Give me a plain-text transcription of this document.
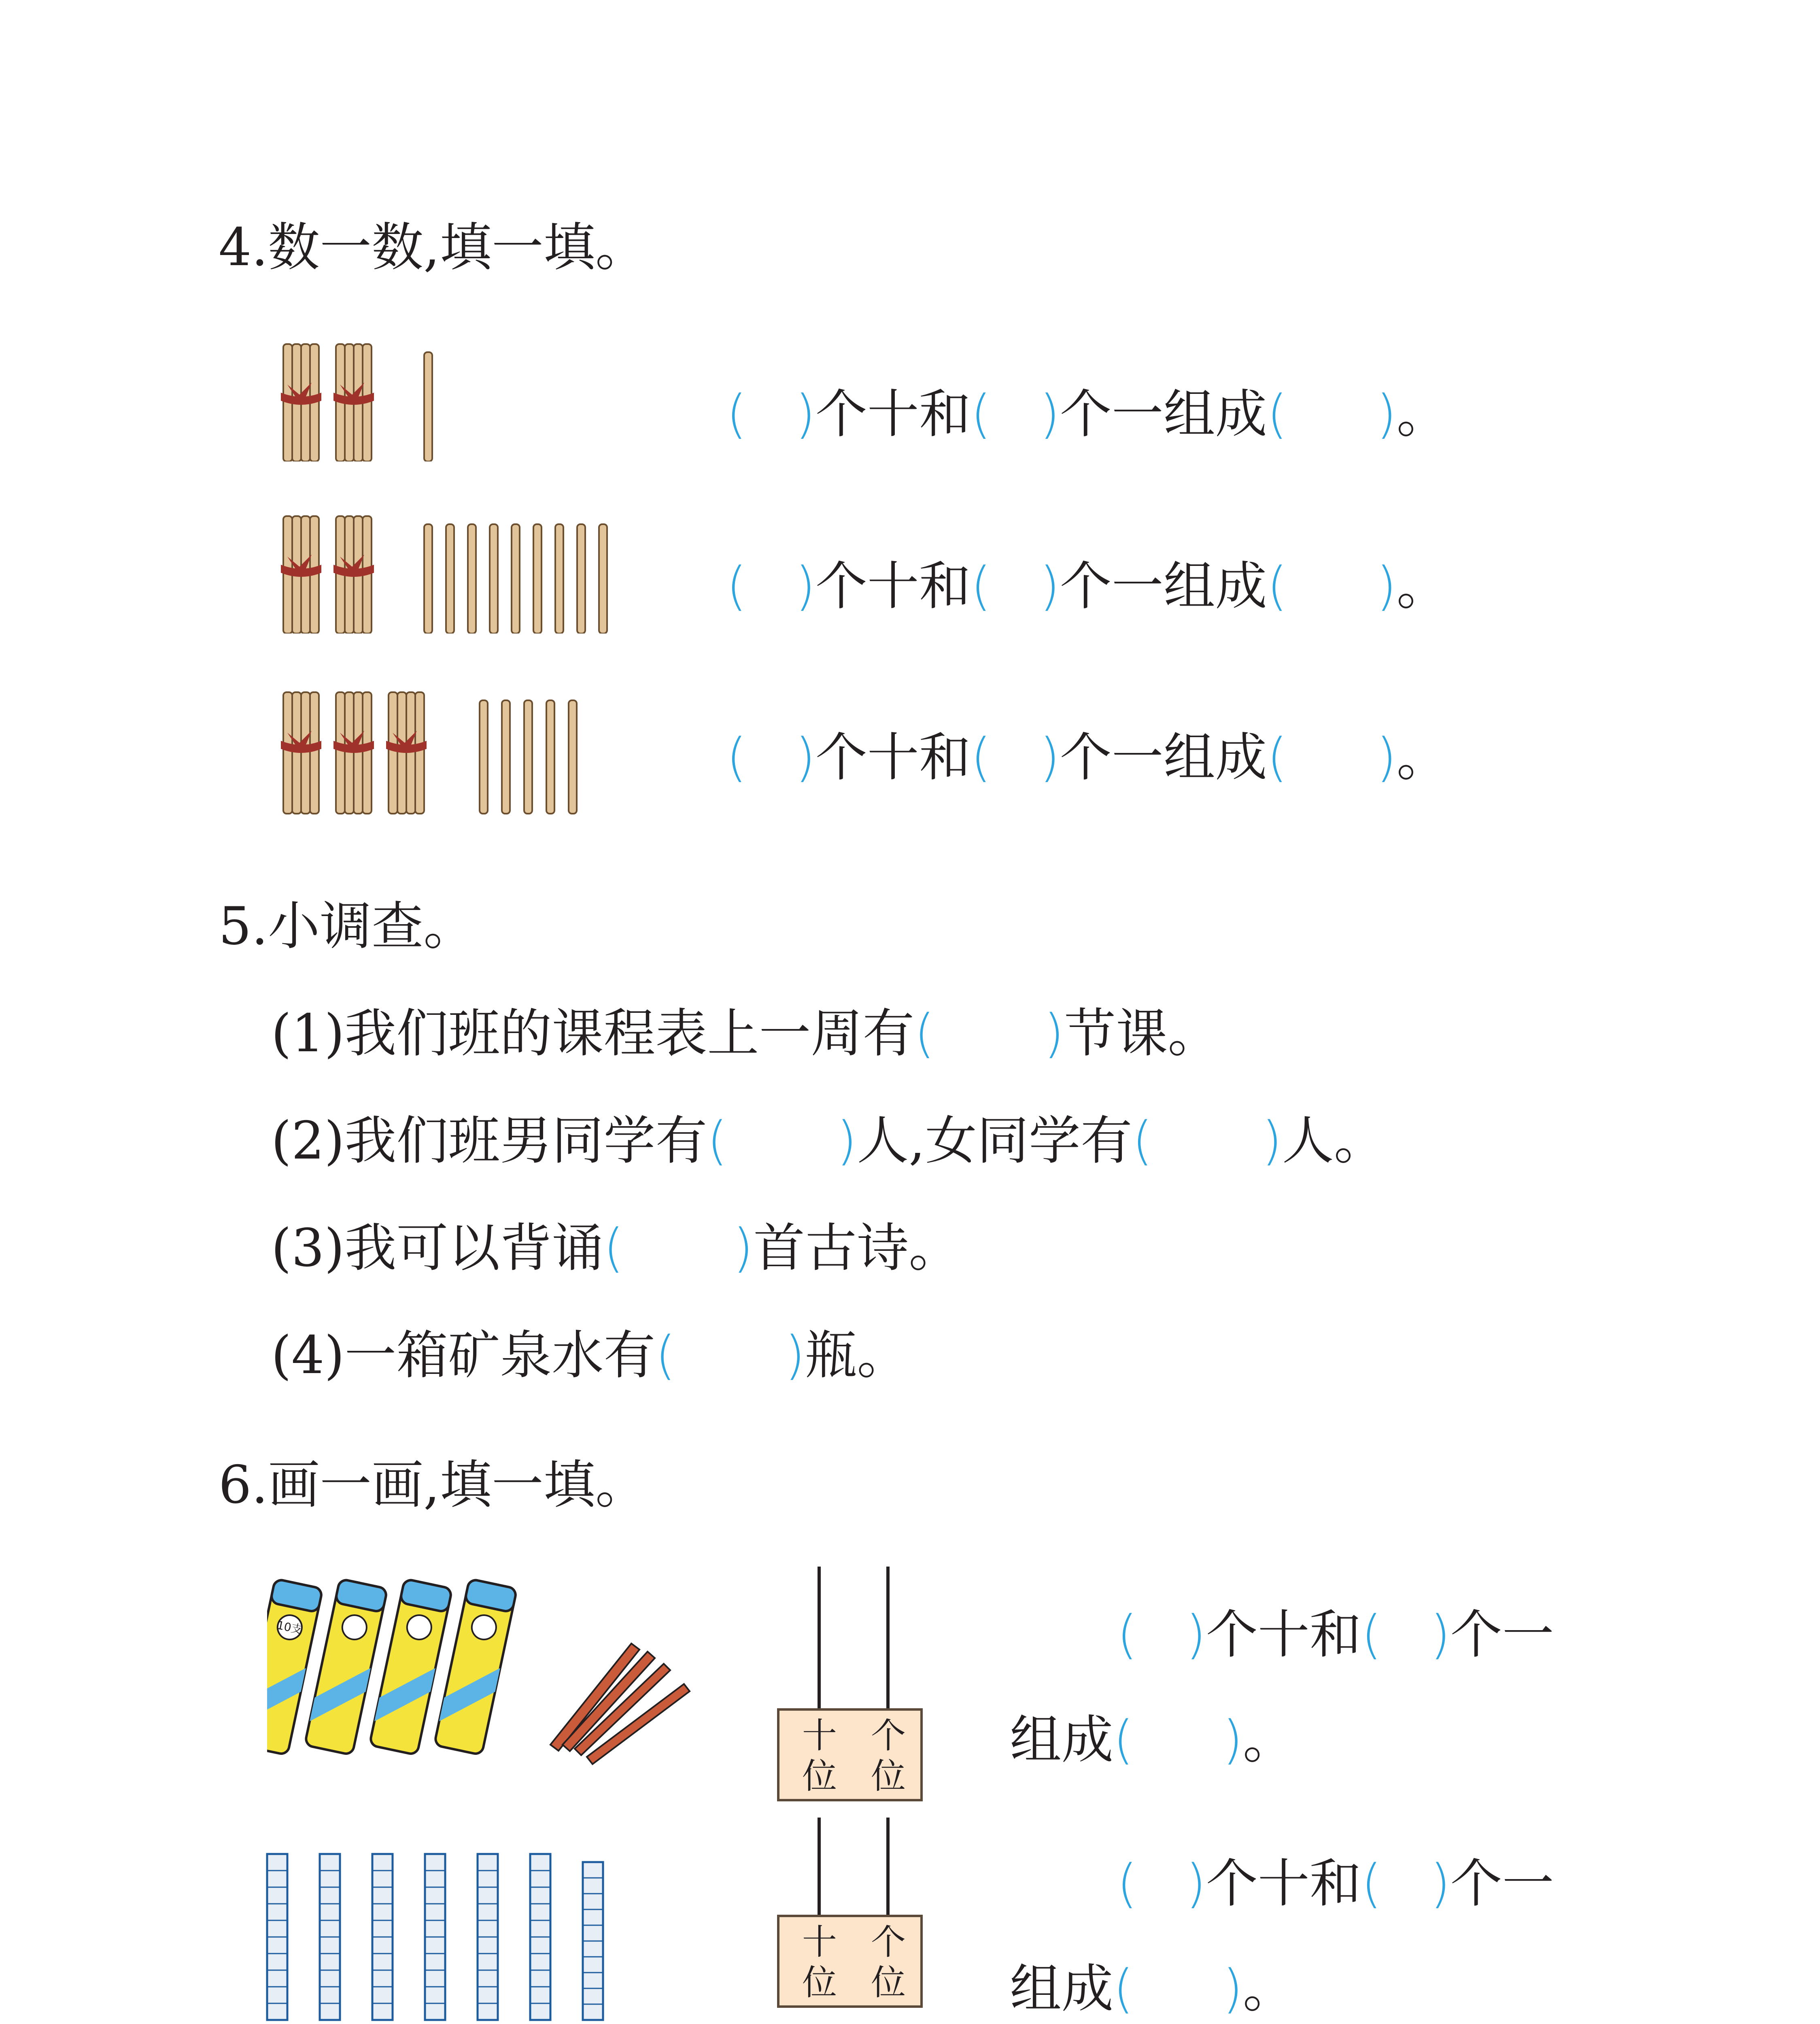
4.数一数,填一填。
( ) 个十和 ( ) 个一组成 ( ) 。
( ) 个十和 ( ) 个一组成 ( ) 。
( ) 个十和 ( ) 个一组成 ( ) 。
5.小调查。
(1) 我们班的课程表上一周有 ( ) 节课。
(2) 我们班男同学有 ( ) 人,女同学有 ( ) 人。
(3) 我可以背诵 ( ) 首古诗。
(4) 一箱矿泉水有 ( ) 瓶。
6.画一画,填一填。
10支
十 个
位 位
十 个
位 位
( ) 个十和 ( ) 个一
组成 ( ) 。
( ) 个十和 ( ) 个一
组成 ( ) 。
